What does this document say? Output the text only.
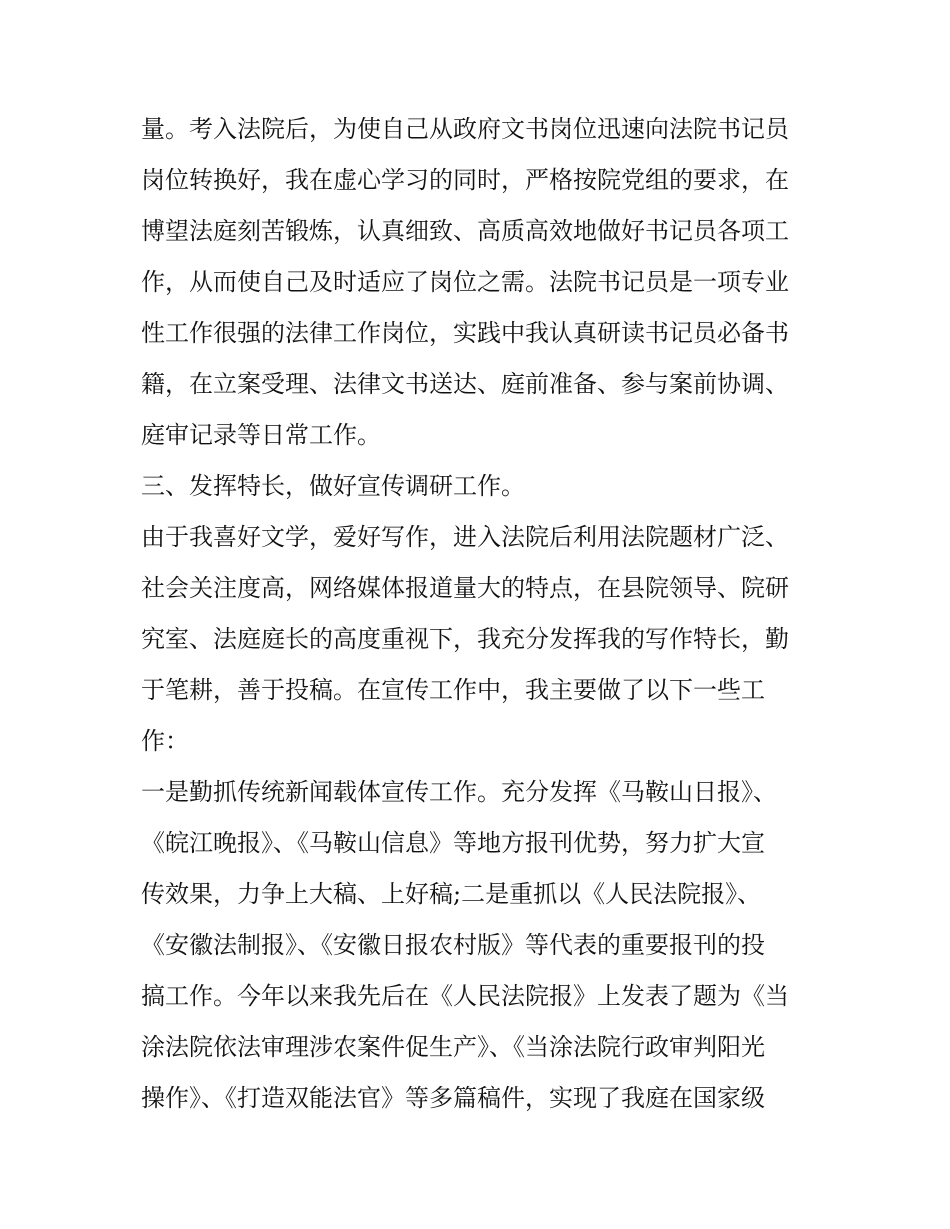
量。考入法院后，为使自己从政府文书岗位迅速向法院书记员
岗位转换好，我在虚心学习的同时，严格按院党组的要求，在
博望法庭刻苦锻炼，认真细致、高质高效地做好书记员各项工
作，从而使自己及时适应了岗位之需。法院书记员是一项专业
性工作很强的法律工作岗位，实践中我认真研读书记员必备书
籍，在立案受理、法律文书送达、庭前准备、参与案前协调、
庭审记录等日常工作。
三、发挥特长，做好宣传调研工作。
由于我喜好文学，爱好写作，进入法院后利用法院题材广泛、
社会关注度高，网络媒体报道量大的特点，在县院领导、院研
究室、法庭庭长的高度重视下，我充分发挥我的写作特长，勤
于笔耕，善于投稿。在宣传工作中，我主要做了以下一些工
作：
一是勤抓传统新闻载体宣传工作。充分发挥《马鞍山日报》、
《皖江晚报》、《马鞍山信息》等地方报刊优势，努力扩大宣
传效果，力争上大稿、上好稿;二是重抓以《人民法院报》、
《安徽法制报》、《安徽日报农村版》等代表的重要报刊的投
搞工作。今年以来我先后在《人民法院报》上发表了题为《当
涂法院依法审理涉农案件促生产》、《当涂法院行政审判阳光
操作》、《打造双能法官》等多篇稿件，实现了我庭在国家级
